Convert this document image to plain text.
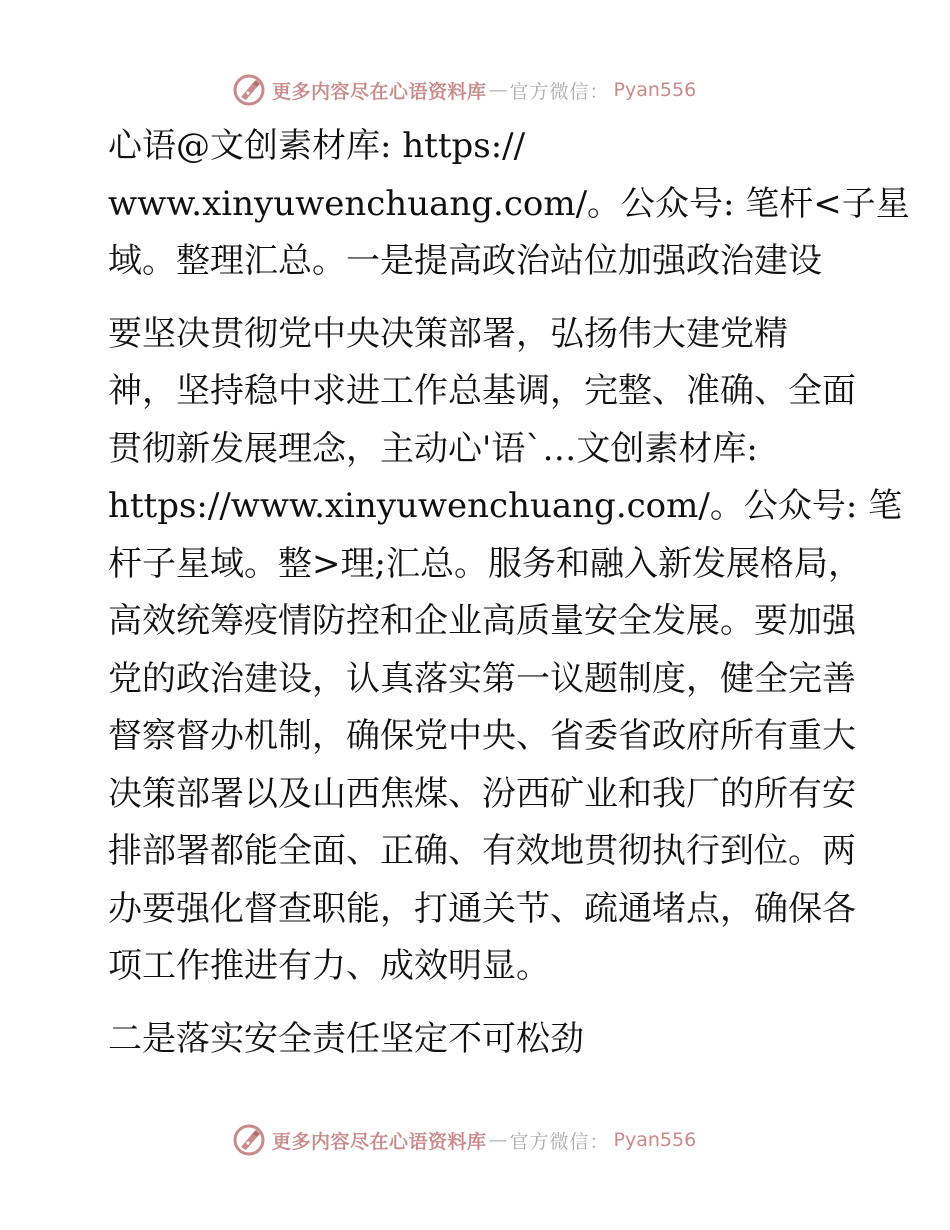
更多内容尽在心语资料库 — 官方微信： Pyan556

心语@文创素材库: https://
www.xinyuwenchuang.com/。公众号: 笔杆<子星
域。整理汇总。一是提高政治站位加强政治建设

要坚决贯彻党中央决策部署，弘扬伟大建党精
神，坚持稳中求进工作总基调，完整、准确、全面
贯彻新发展理念，主动心'语`…文创素材库:
https://www.xinyuwenchuang.com/。公众号: 笔
杆子星域。整>理;汇总。服务和融入新发展格局，
高效统筹疫情防控和企业高质量安全发展。要加强
党的政治建设，认真落实第一议题制度，健全完善
督察督办机制，确保党中央、省委省政府所有重大
决策部署以及山西焦煤、汾西矿业和我厂的所有安
排部署都能全面、正确、有效地贯彻执行到位。两
办要强化督查职能，打通关节、疏通堵点，确保各
项工作推进有力、成效明显。

二是落实安全责任坚定不可松劲

更多内容尽在心语资料库 — 官方微信： Pyan556
